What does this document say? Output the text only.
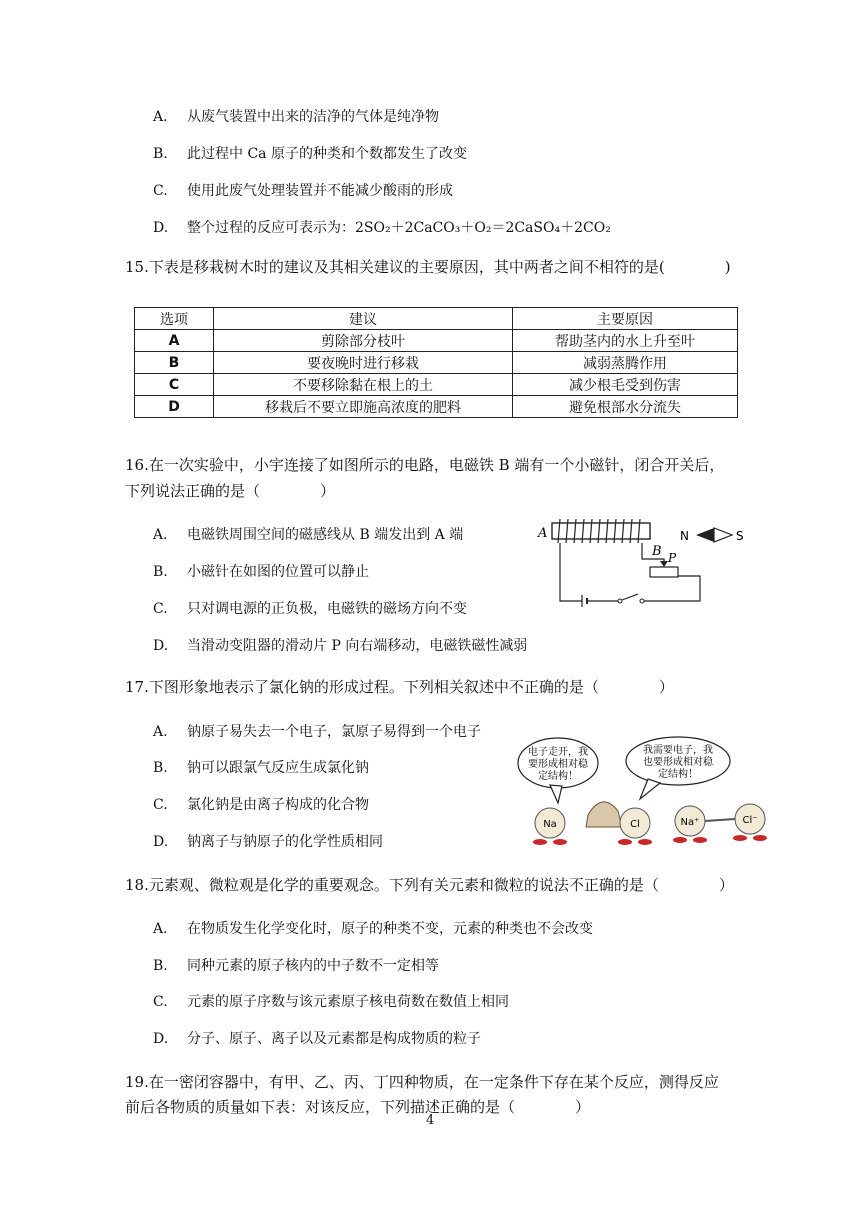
A. 从废气装置中出来的洁净的气体是纯净物
B. 此过程中 Ca 原子的种类和个数都发生了改变
C. 使用此废气处理装置并不能减少酸雨的形成
D. 整个过程的反应可表示为：2SO₂＋2CaCO₃＋O₂＝2CaSO₄＋2CO₂
15.下表是移栽树木时的建议及其相关建议的主要原因，其中两者之间不相符的是(　　　　)
选项	建议	主要原因
A	剪除部分枝叶	帮助茎内的水上升至叶
B	要夜晚时进行移栽	减弱蒸腾作用
C	不要移除黏在根上的土	减少根毛受到伤害
D	移栽后不要立即施高浓度的肥料	避免根部水分流失
16.在一次实验中，小宇连接了如图所示的电路，电磁铁 B 端有一个小磁针，闭合开关后，
下列说法正确的是（　　　　）
A. 电磁铁周围空间的磁感线从 B 端发出到 A 端
B. 小磁针在如图的位置可以静止
C. 只对调电源的正负极，电磁铁的磁场方向不变
D. 当滑动变阻器的滑动片 P 向右端移动，电磁铁磁性减弱
A
B P
N	S
17.下图形象地表示了氯化钠的形成过程。下列相关叙述中不正确的是（　　　　）
A. 钠原子易失去一个电子，氯原子易得到一个电子
B. 钠可以跟氯气反应生成氯化钠
C. 氯化钠是由离子构成的化合物
D. 钠离子与钠原子的化学性质相同
电子走开，我
要形成相对稳
定结构！
我需要电子，我
也要形成相对稳
定结构！
Na	Cl	Na⁺	Cl⁻
18.元素观、微粒观是化学的重要观念。下列有关元素和微粒的说法不正确的是（　　　　）
A. 在物质发生化学变化时，原子的种类不变，元素的种类也不会改变
B. 同种元素的原子核内的中子数不一定相等
C. 元素的原子序数与该元素原子核电荷数在数值上相同
D. 分子、原子、离子以及元素都是构成物质的粒子
19.在一密闭容器中，有甲、乙、丙、丁四种物质，在一定条件下存在某个反应，测得反应
前后各物质的质量如下表：对该反应，下列描述正确的是（　　　　）
4
